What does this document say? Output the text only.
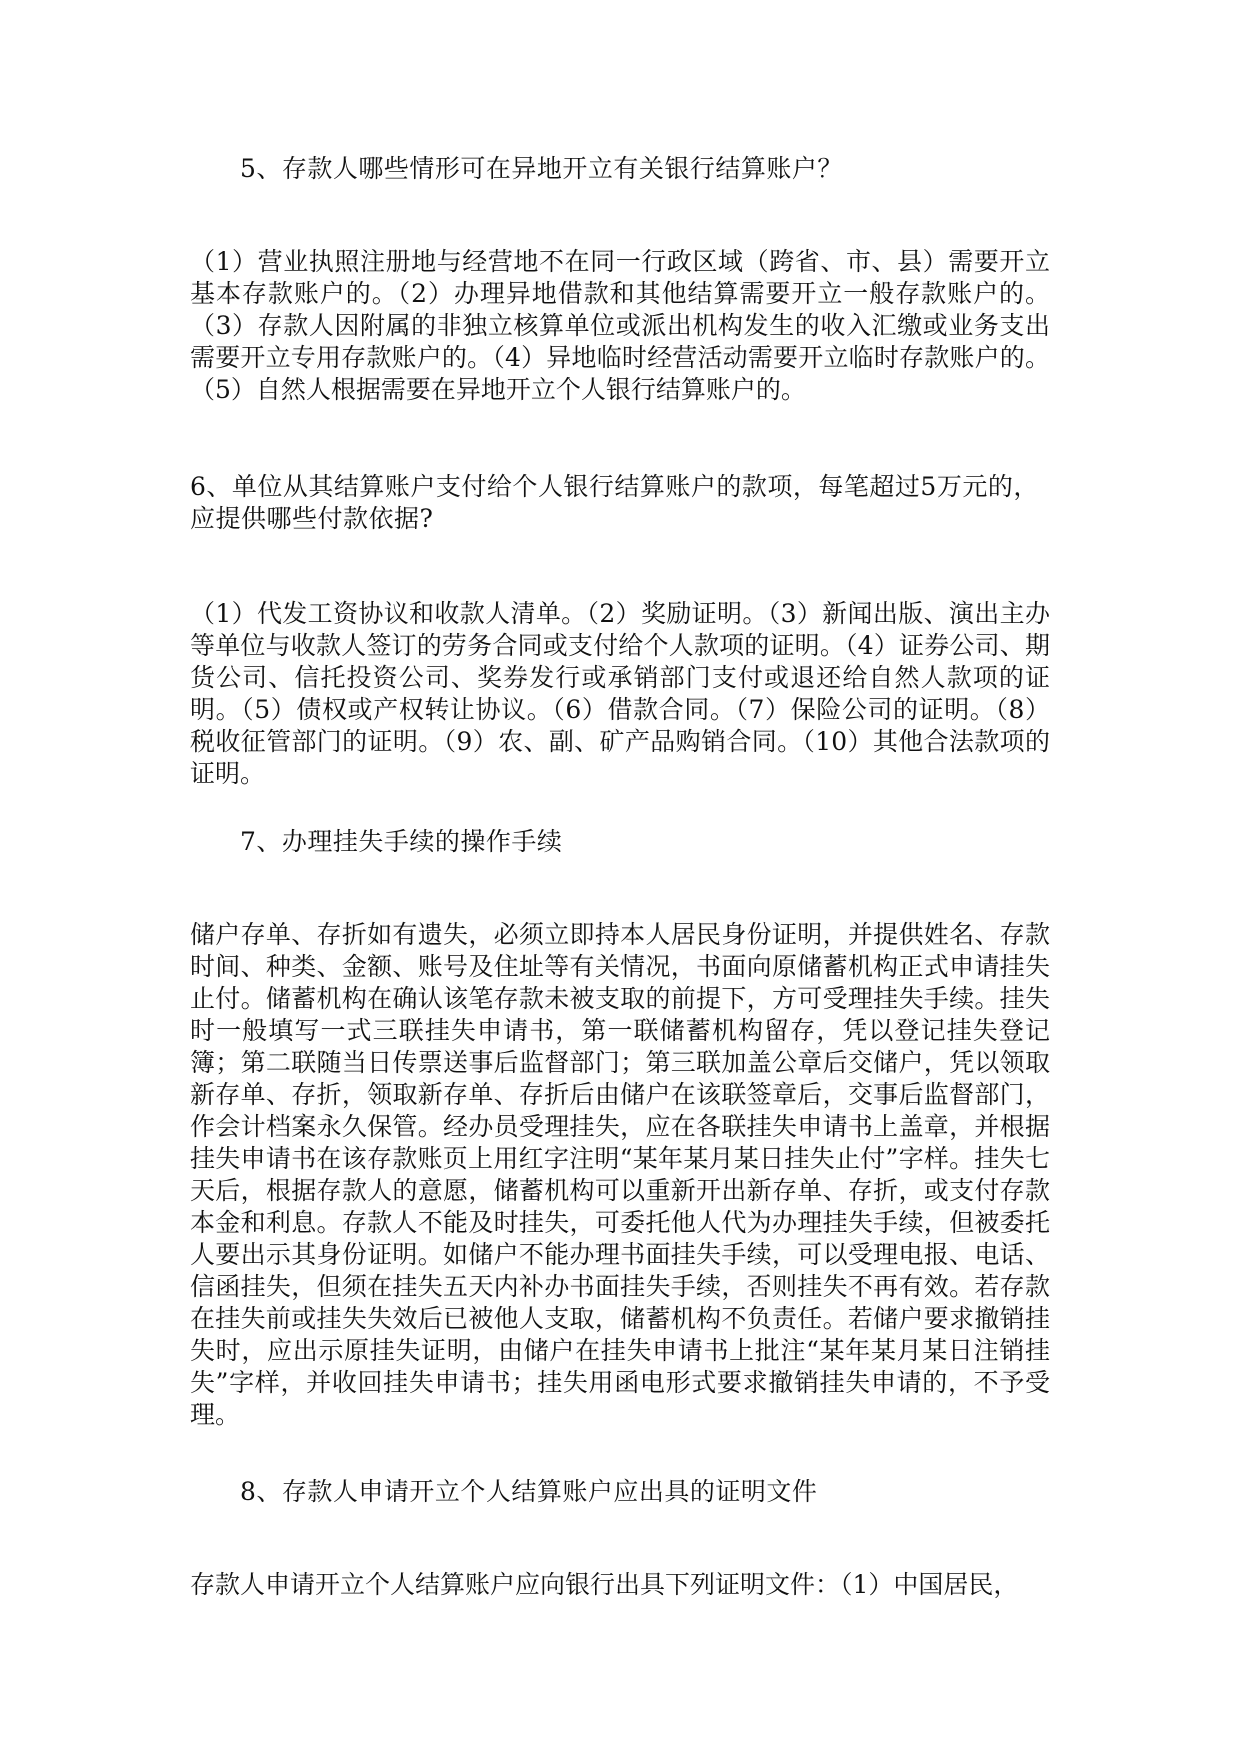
5、存款人哪些情形可在异地开立有关银行结算账户？
（1）营业执照注册地与经营地不在同一行政区域（跨省、市、县）需要开立基本存款账户的。（2）办理异地借款和其他结算需要开立一般存款账户的。（3）存款人因附属的非独立核算单位或派出机构发生的收入汇缴或业务支出需要开立专用存款账户的。（4）异地临时经营活动需要开立临时存款账户的。（5）自然人根据需要在异地开立个人银行结算账户的。
6、单位从其结算账户支付给个人银行结算账户的款项，每笔超过5万元的，应提供哪些付款依据?
（1）代发工资协议和收款人清单。（2）奖励证明。（3）新闻出版、演出主办等单位与收款人签订的劳务合同或支付给个人款项的证明。（4）证券公司、期货公司、信托投资公司、奖券发行或承销部门支付或退还给自然人款项的证明。（5）债权或产权转让协议。（6）借款合同。（7）保险公司的证明。（8）税收征管部门的证明。（9）农、副、矿产品购销合同。（10）其他合法款项的证明。
7、办理挂失手续的操作手续
储户存单、存折如有遗失，必须立即持本人居民身份证明，并提供姓名、存款时间、种类、金额、账号及住址等有关情况，书面向原储蓄机构正式申请挂失止付。储蓄机构在确认该笔存款未被支取的前提下，方可受理挂失手续。挂失时一般填写一式三联挂失申请书，第一联储蓄机构留存，凭以登记挂失登记簿；第二联随当日传票送事后监督部门；第三联加盖公章后交储户，凭以领取新存单、存折，领取新存单、存折后由储户在该联签章后，交事后监督部门，作会计档案永久保管。经办员受理挂失，应在各联挂失申请书上盖章，并根据挂失申请书在该存款账页上用红字注明“某年某月某日挂失止付”字样。挂失七天后，根据存款人的意愿，储蓄机构可以重新开出新存单、存折，或支付存款本金和利息。存款人不能及时挂失，可委托他人代为办理挂失手续，但被委托人要出示其身份证明。如储户不能办理书面挂失手续，可以受理电报、电话、信函挂失，但须在挂失五天内补办书面挂失手续，否则挂失不再有效。若存款在挂失前或挂失失效后已被他人支取，储蓄机构不负责任。若储户要求撤销挂失时，应出示原挂失证明，由储户在挂失申请书上批注“某年某月某日注销挂失”字样，并收回挂失申请书；挂失用函电形式要求撤销挂失申请的，不予受理。
8、存款人申请开立个人结算账户应出具的证明文件
存款人申请开立个人结算账户应向银行出具下列证明文件：（1）中国居民，
